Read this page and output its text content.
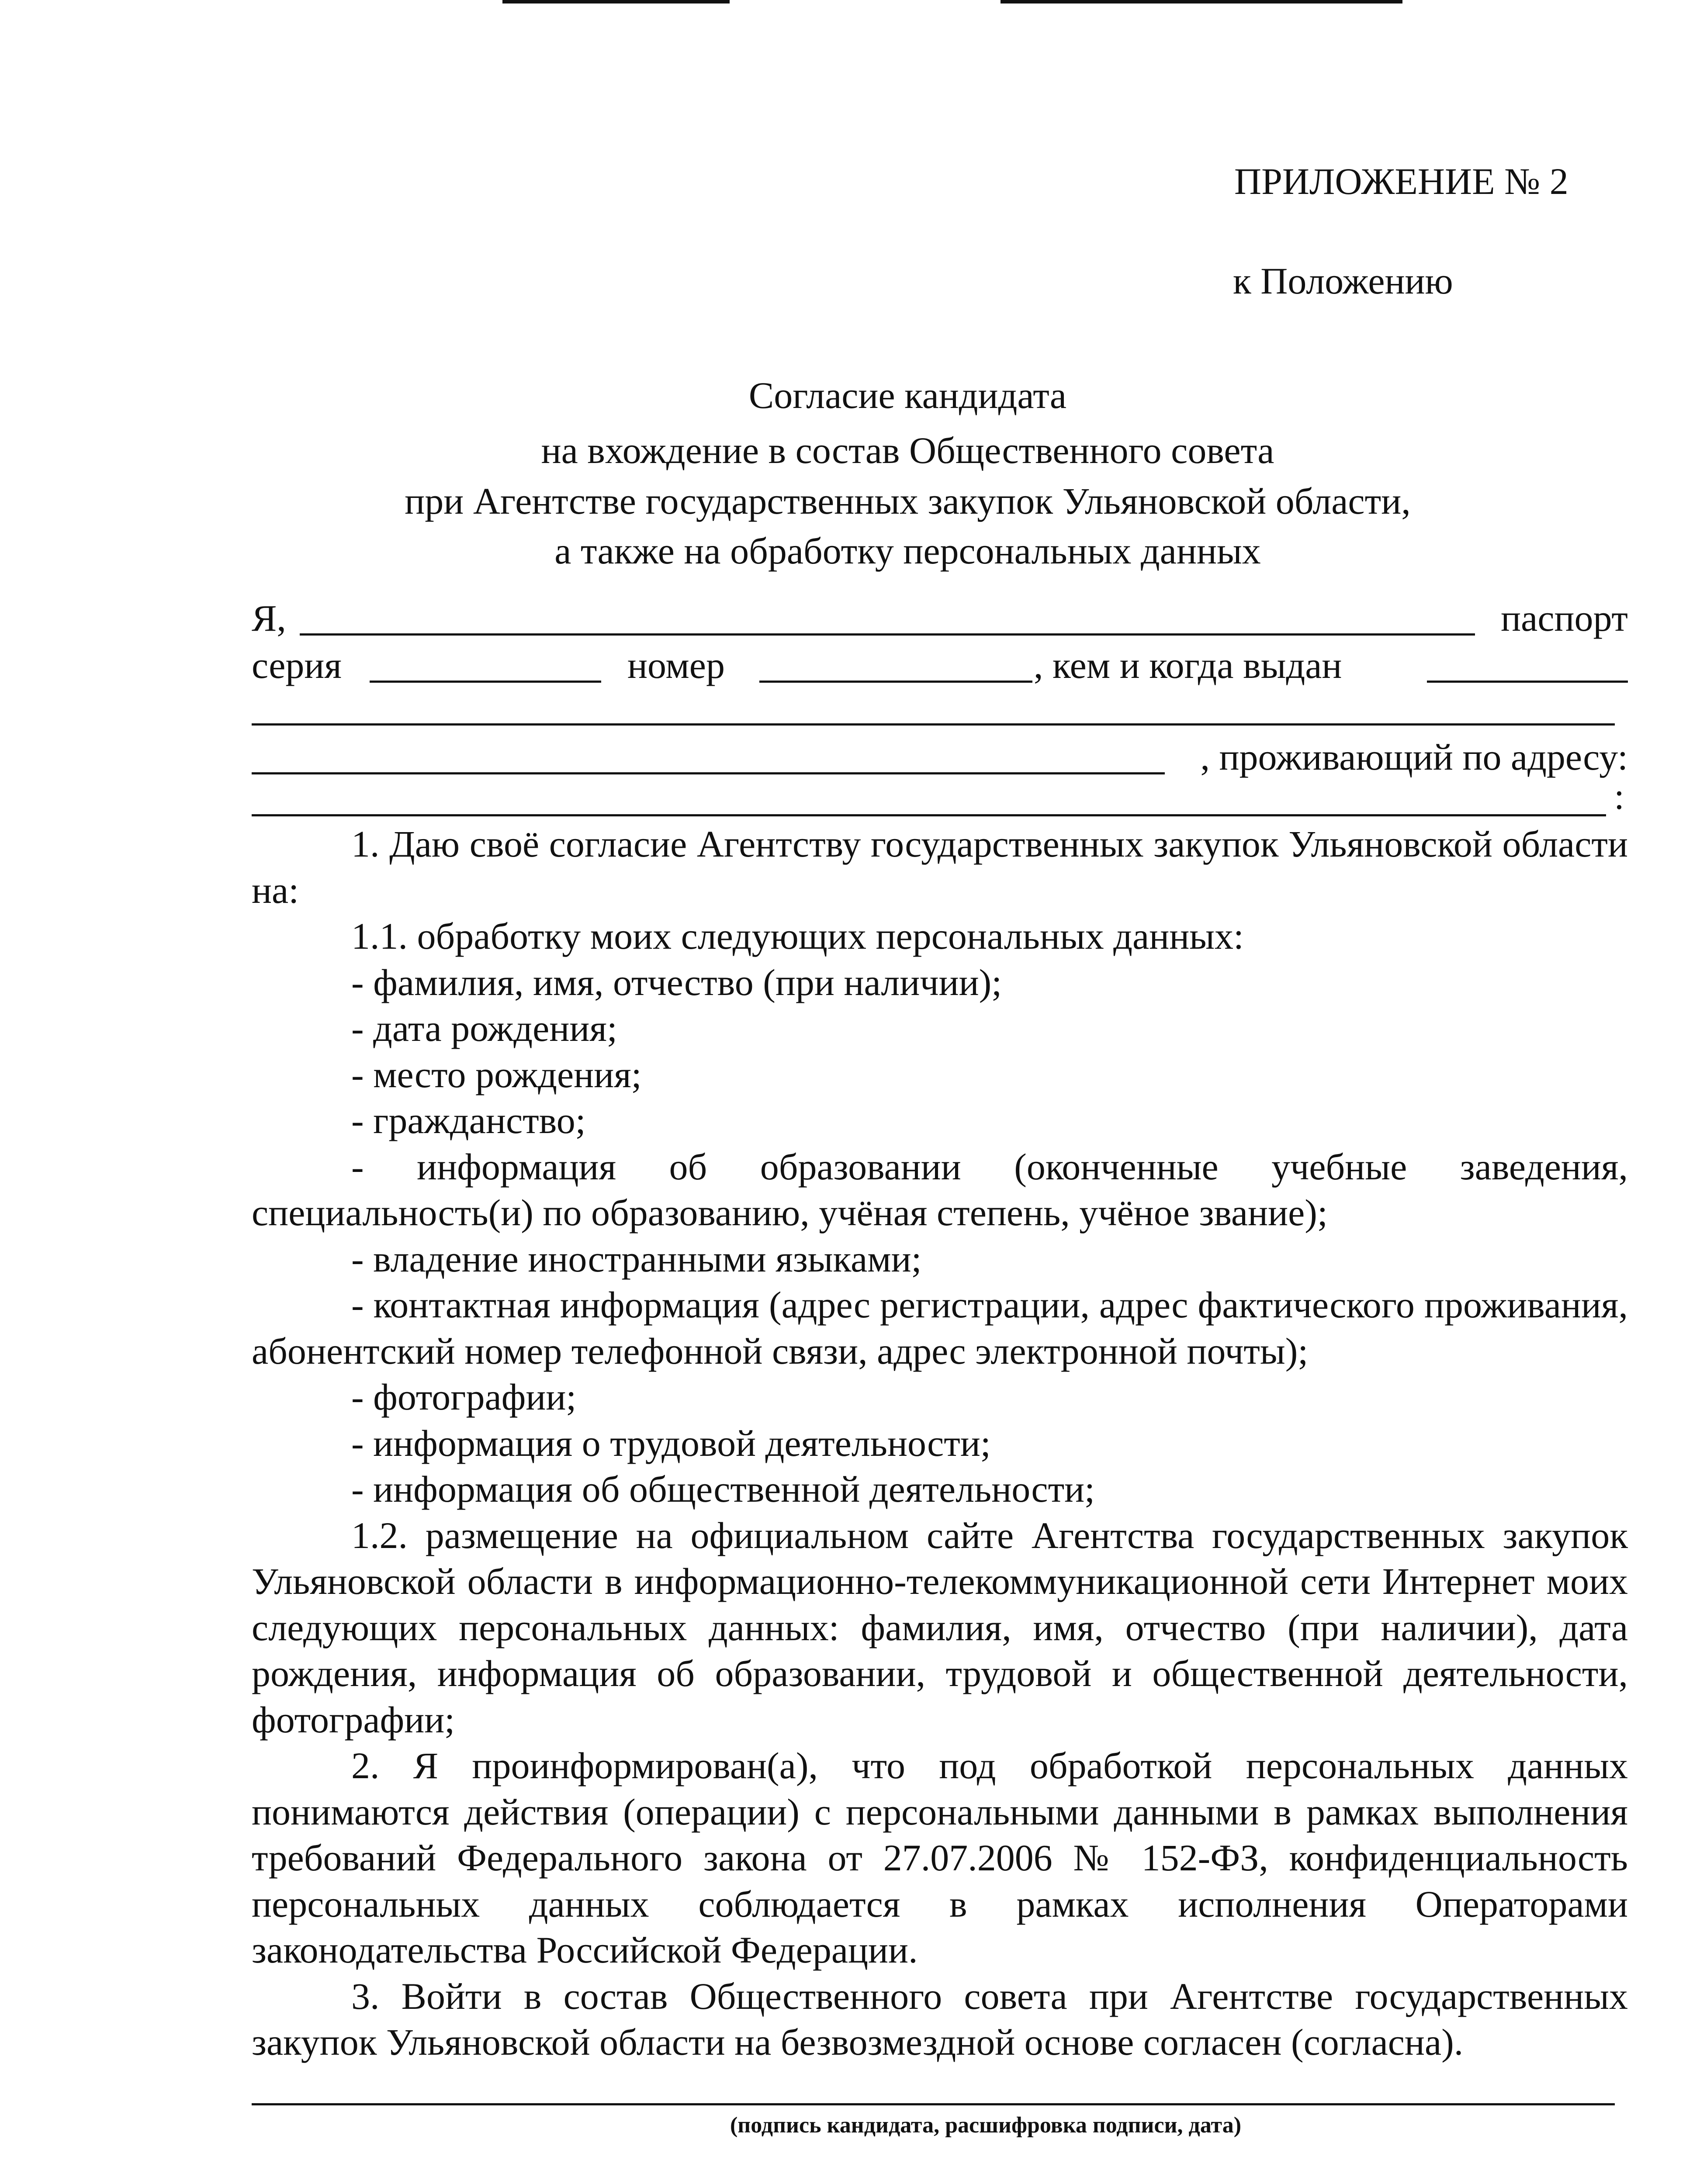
ПРИЛОЖЕНИЕ № 2
к Положению
Согласие кандидата
на вхождение в состав Общественного совета
при Агентстве государственных закупок Ульяновской области,
а также на обработку персональных данных
Я,	паспорт
серия	номер	, кем и когда выдан
, проживающий по адресу:
:

1. Даю своё согласие Агентству государственных закупок Ульяновской области на:

1.1. обработку моих следующих персональных данных:

- фамилия, имя, отчество (при наличии);

- дата рождения;

- место рождения;

- гражданство;

- информация об образовании (оконченные учебные заведения, специальность(и) по образованию, учёная степень, учёное звание);

- владение иностранными языками;

- контактная информация (адрес регистрации, адрес фактического проживания, абонентский номер телефонной связи, адрес электронной почты);

- фотографии;

- информация о трудовой деятельности;

- информация об общественной деятельности;

1.2. размещение на официальном сайте Агентства государственных закупок Ульяновской области в информационно-телекоммуникационной сети Интернет моих следующих персональных данных: фамилия, имя, отчество (при наличии), дата рождения, информация об образовании, трудовой и общественной деятельности, фотографии;

2. Я проинформирован(а), что под обработкой персональных данных понимаются действия (операции) с персональными данными в рамках выполнения требований Федерального закона от 27.07.2006 № 152-ФЗ, конфиденциальность персональных данных соблюдается в рамках исполнения Операторами законодательства Российской Федерации.

3. Войти в состав Общественного совета при Агентстве государственных закупок Ульяновской области на безвозмездной основе согласен (согласна).

(подпись кандидата, расшифровка подписи, дата)
